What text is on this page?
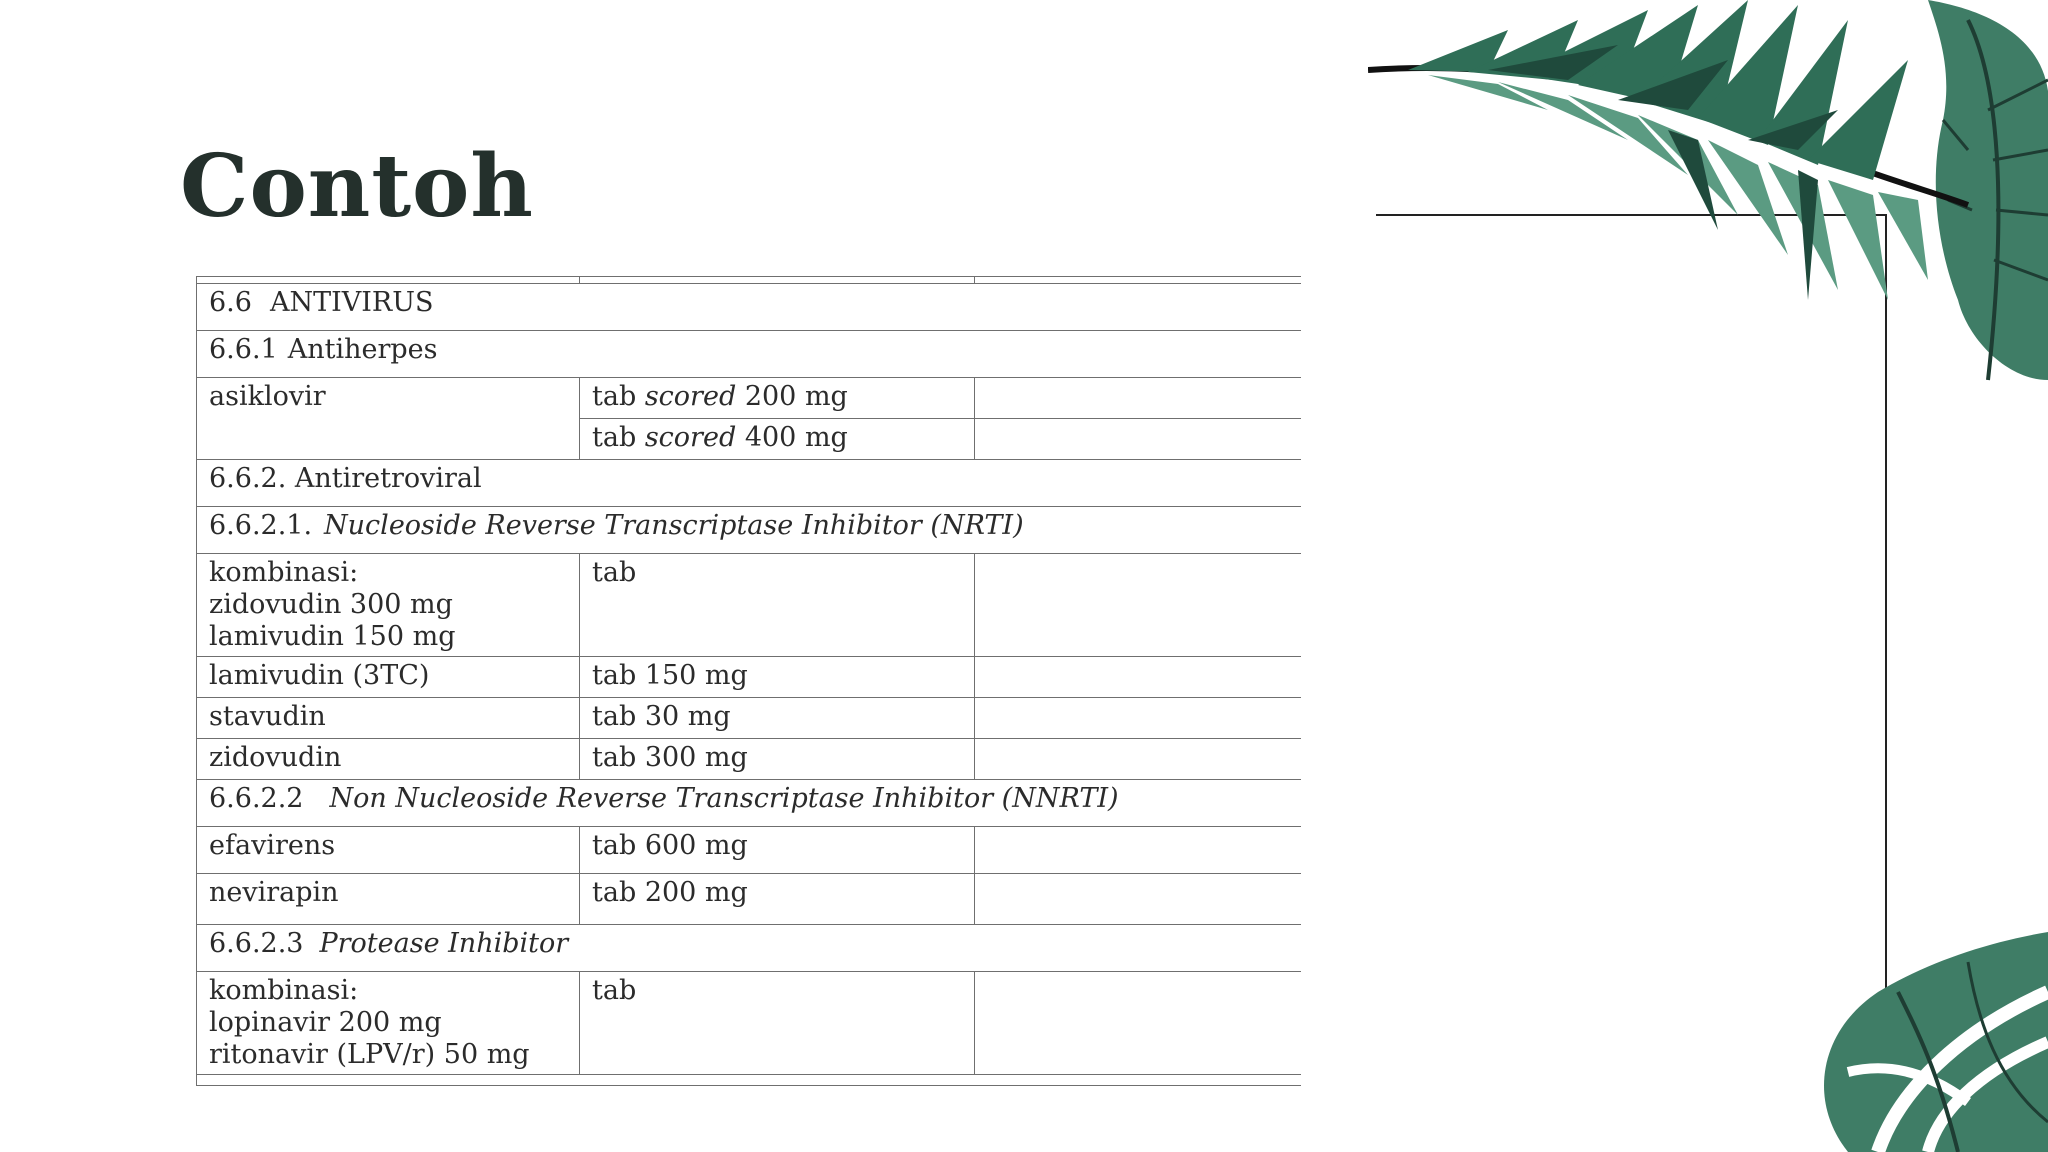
Contoh

6.6 ANTIVIRUS		
6.6.1 Antiherpes		
asiklovir	tab scored 200 mg	
	tab scored 400 mg	
6.6.2. Antiretroviral		
6.6.2.1. Nucleoside Reverse Transcriptase Inhibitor (NRTI)		

kombinasi:
zidovudin 300 mg
lamivudin 150 mg	tab	
lamivudin (3TC)	tab 150 mg	
stavudin	tab 30 mg	
zidovudin	tab 300 mg	
6.6.2.2 Non Nucleoside Reverse Transcriptase Inhibitor (NNRTI)		
efavirens	tab 600 mg	
nevirapin	tab 200 mg	
6.6.2.3 Protease Inhibitor		

kombinasi:
lopinavir 200 mg
ritonavir (LPV/r) 50 mg	tab	
